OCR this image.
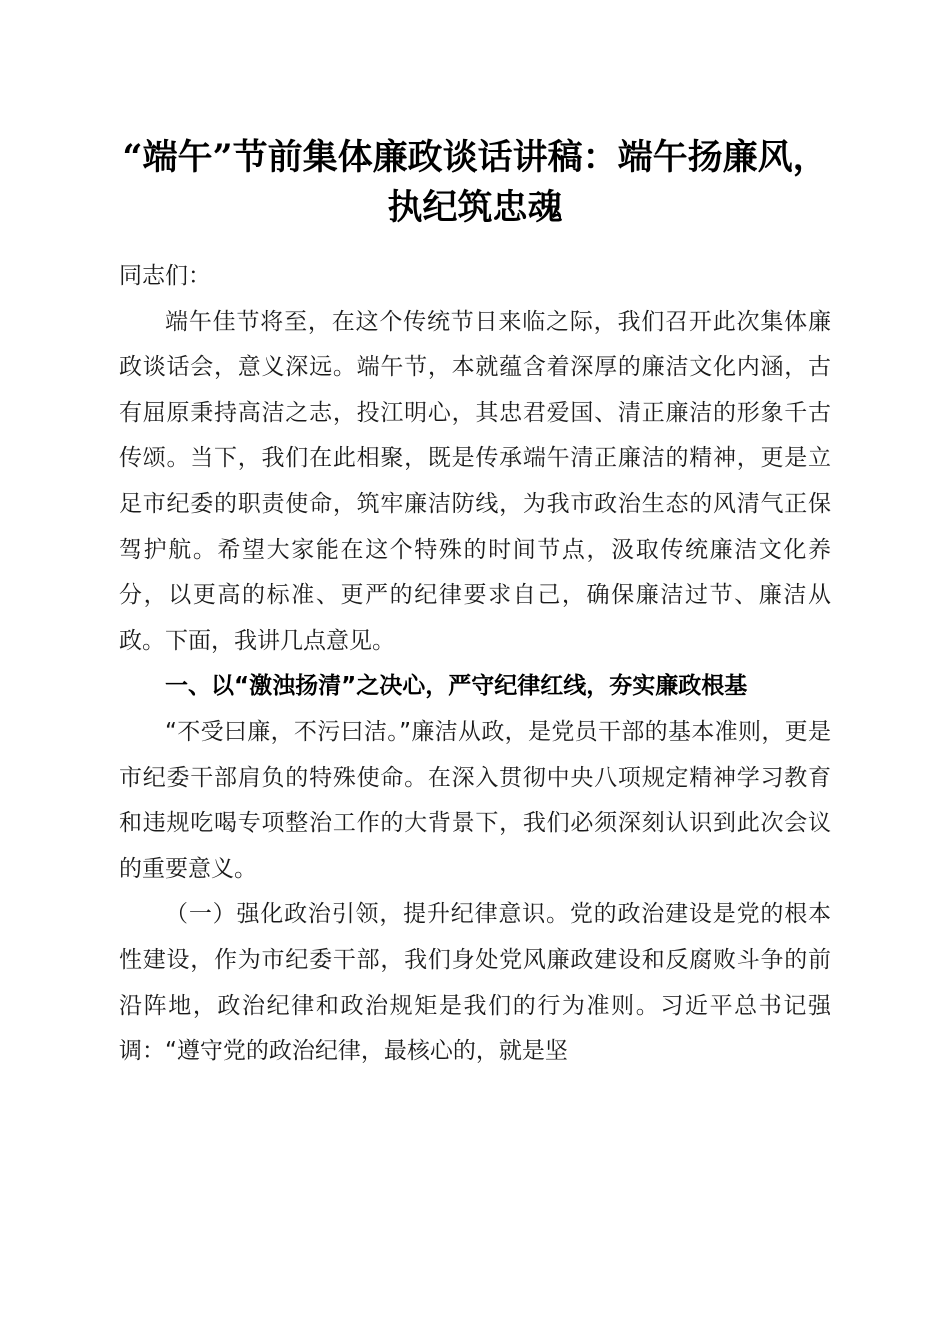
“端午”节前集体廉政谈话讲稿：端午扬廉风，
执纪筑忠魂

同志们：

端午佳节将至，在这个传统节日来临之际，我们召开此次集体廉政谈话会，意义深远。端午节，本就蕴含着深厚的廉洁文化内涵，古有屈原秉持高洁之志，投江明心，其忠君爱国、清正廉洁的形象千古传颂。当下，我们在此相聚，既是传承端午清正廉洁的精神，更是立足市纪委的职责使命，筑牢廉洁防线，为我市政治生态的风清气正保驾护航。希望大家能在这个特殊的时间节点，汲取传统廉洁文化养分，以更高的标准、更严的纪律要求自己，确保廉洁过节、廉洁从政。下面，我讲几点意见。

一、以“激浊扬清”之决心，严守纪律红线，夯实廉政根基

“不受曰廉，不污曰洁。”廉洁从政，是党员干部的基本准则，更是市纪委干部肩负的特殊使命。在深入贯彻中央八项规定精神学习教育和违规吃喝专项整治工作的大背景下，我们必须深刻认识到此次会议的重要意义。

（一）强化政治引领，提升纪律意识。党的政治建设是党的根本性建设，作为市纪委干部，我们身处党风廉政建设和反腐败斗争的前沿阵地，政治纪律和政治规矩是我们的行为准则。习近平总书记强调：“遵守党的政治纪律，最核心的，就是坚
